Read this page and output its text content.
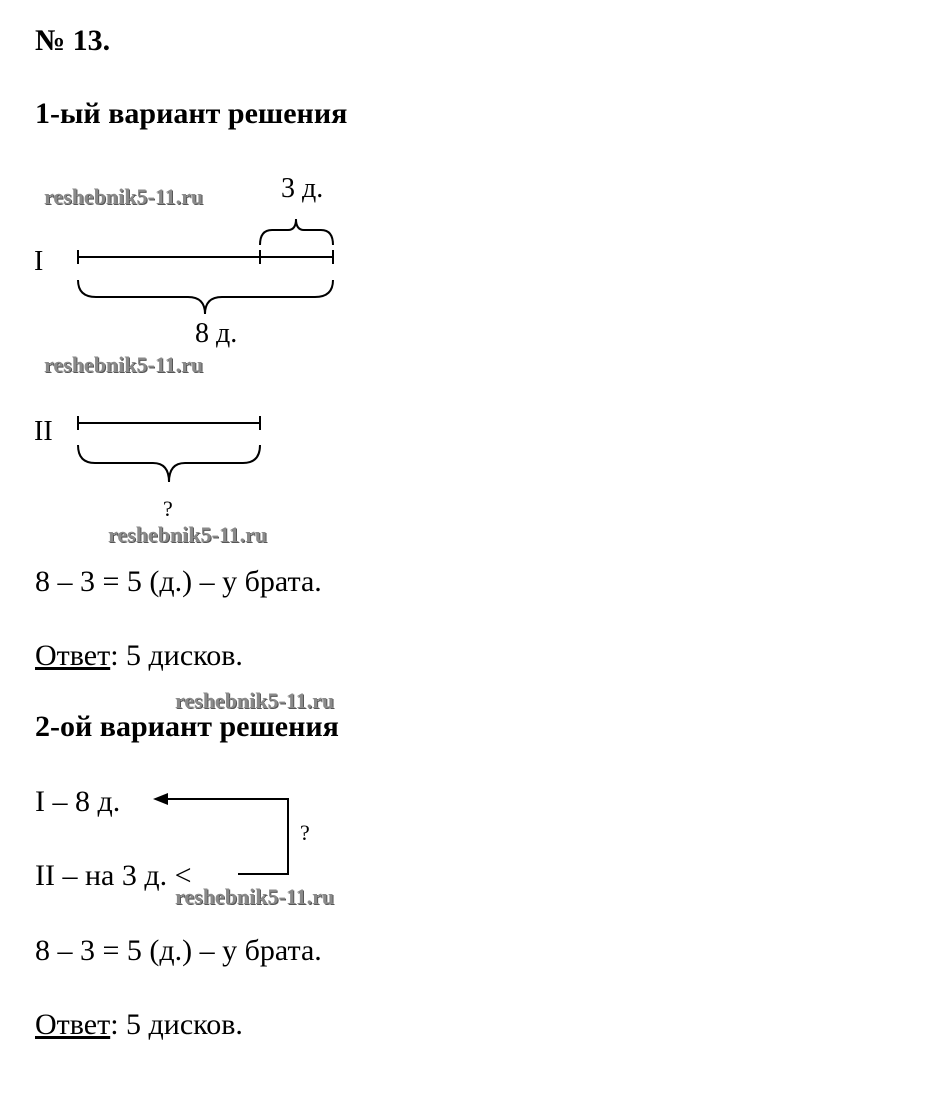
№ 13.
1-ый вариант решения
reshebnik5-11.ru	3 д.
I
8 д.
reshebnik5-11.ru
II
?
reshebnik5-11.ru
8 – 3 = 5 (д.) – у брата.
Ответ: 5 дисков.
reshebnik5-11.ru
2-ой вариант решения
I – 8 д.
II – на 3 д. <
?
reshebnik5-11.ru
8 – 3 = 5 (д.) – у брата.
Ответ: 5 дисков.
